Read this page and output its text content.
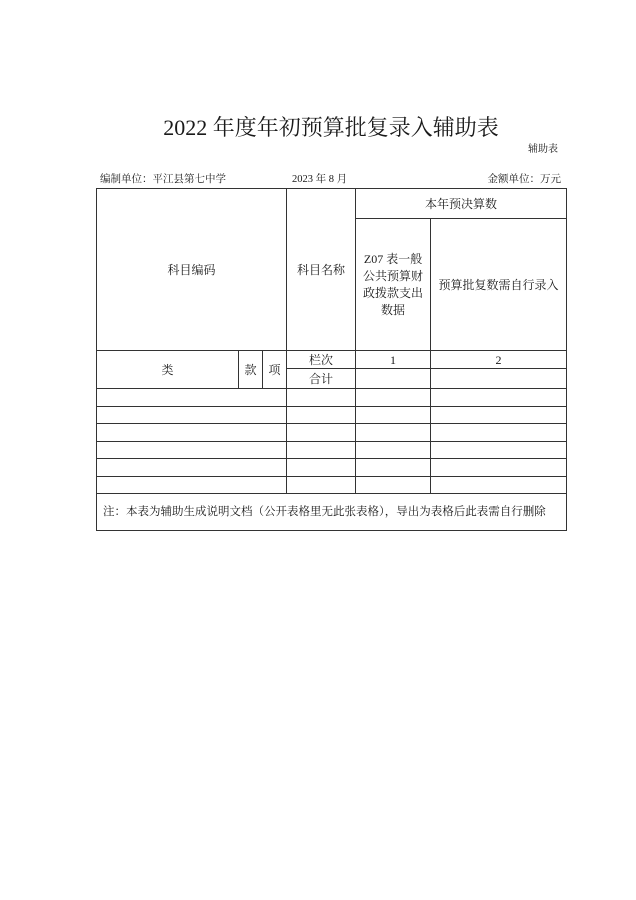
2022 年度年初预算批复录入辅助表
辅助表
编制单位：平江县第七中学	2023 年 8 月	金额单位：万元
科目编码			科目名称	本年预决算数	
				Z07 表一般公共预算财政拨款支出数据	预算批复数需自行录入
类	款	项	栏次	1	2
			合计		

注：本表为辅助生成说明文档（公开表格里无此张表格），导出为表格后此表需自行删除					
